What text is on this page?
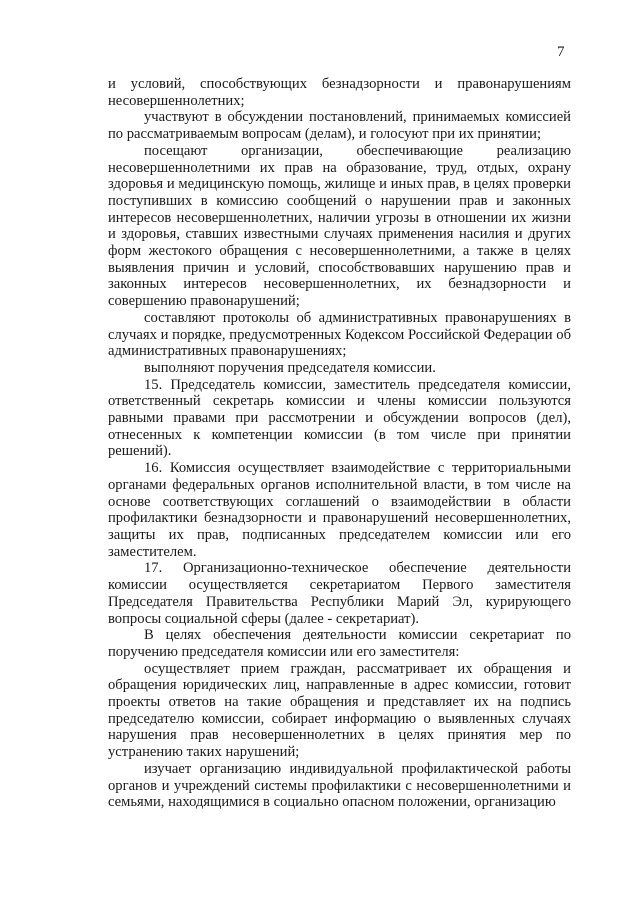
7

и условий, способствующих безнадзорности и правонарушениям несовершеннолетних;

участвуют в обсуждении постановлений, принимаемых комиссией по рассматриваемым вопросам (делам), и голосуют при их принятии;

посещают организации, обеспечивающие реализацию несовершеннолетними их прав на образование, труд, отдых, охрану здоровья и медицинскую помощь, жилище и иных прав, в целях проверки поступивших в комиссию сообщений о нарушении прав и законных интересов несовершеннолетних, наличии угрозы в отношении их жизни и здоровья, ставших известными случаях применения насилия и других форм жестокого обращения с несовершеннолетними, а также в целях выявления причин и условий, способствовавших нарушению прав и законных интересов несовершеннолетних, их безнадзорности и совершению правонарушений;

составляют протоколы об административных правонарушениях в случаях и порядке, предусмотренных Кодексом Российской Федерации об административных правонарушениях;

выполняют поручения председателя комиссии.

15. Председатель комиссии, заместитель председателя комиссии, ответственный секретарь комиссии и члены комиссии пользуются равными правами при рассмотрении и обсуждении вопросов (дел), отнесенных к компетенции комиссии (в том числе при принятии решений).

16. Комиссия осуществляет взаимодействие с территориальными органами федеральных органов исполнительной власти, в том числе на основе соответствующих соглашений о взаимодействии в области профилактики безнадзорности и правонарушений несовершеннолетних, защиты их прав, подписанных председателем комиссии или его заместителем.

17. Организационно-техническое обеспечение деятельности комиссии осуществляется секретариатом Первого заместителя Председателя Правительства Республики Марий Эл, курирующего вопросы социальной сферы (далее - секретариат).

В целях обеспечения деятельности комиссии секретариат по поручению председателя комиссии или его заместителя:

осуществляет прием граждан, рассматривает их обращения и обращения юридических лиц, направленные в адрес комиссии, готовит проекты ответов на такие обращения и представляет их на подпись председателю комиссии, собирает информацию о выявленных случаях нарушения прав несовершеннолетних в целях принятия мер по устранению таких нарушений;

изучает организацию индивидуальной профилактической работы органов и учреждений системы профилактики с несовершеннолетними и семьями, находящимися в социально опасном положении, организацию
